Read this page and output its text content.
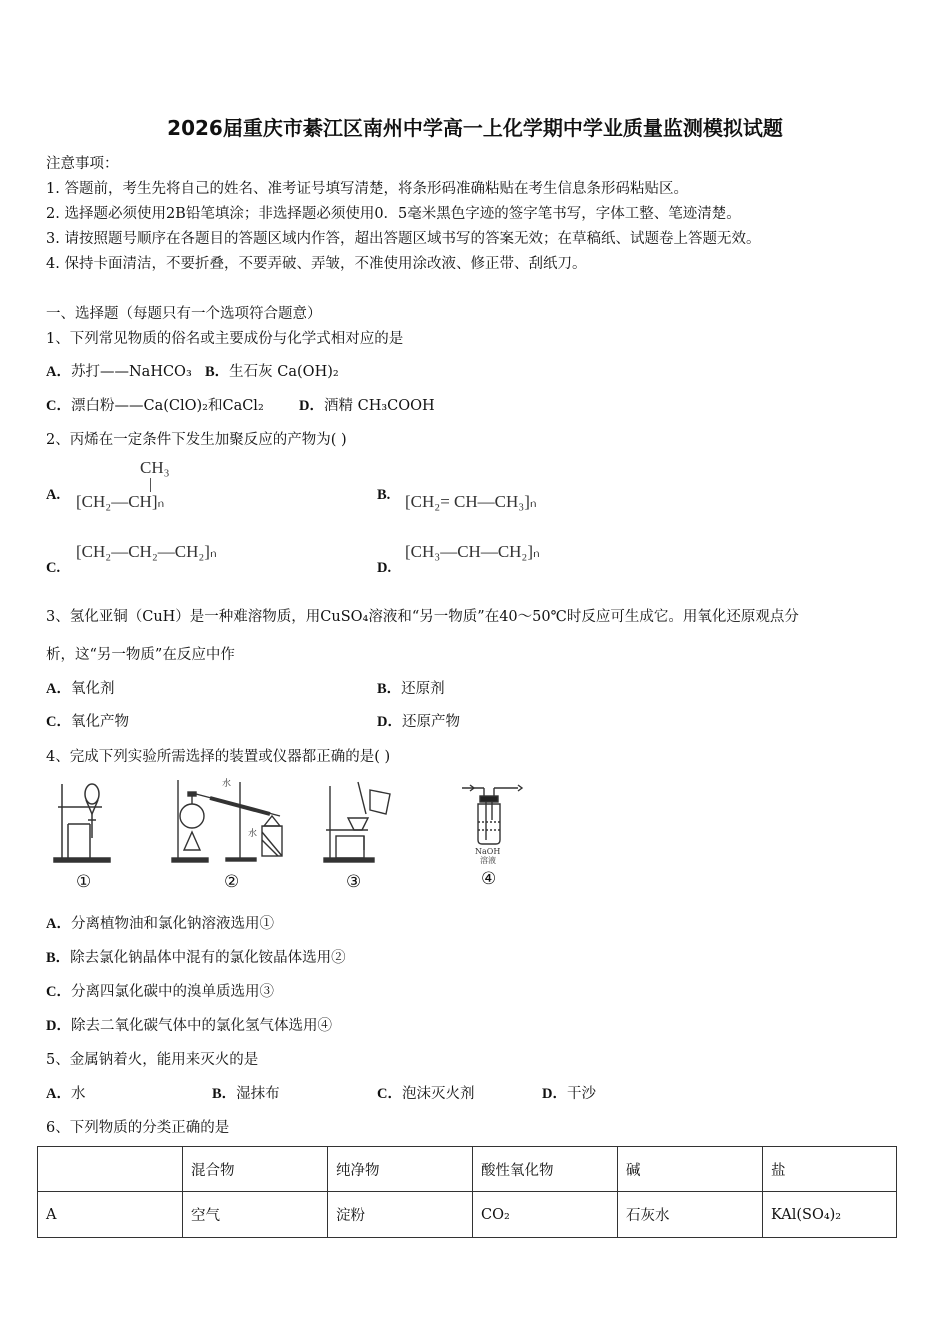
2026届重庆市綦江区南州中学高一上化学期中学业质量监测模拟试题
注意事项：
1. 答题前，考生先将自己的姓名、准考证号填写清楚，将条形码准确粘贴在考生信息条形码粘贴区。
2. 选择题必须使用2B铅笔填涂；非选择题必须使用0．5毫米黑色字迹的签字笔书写，字体工整、笔迹清楚。
3. 请按照题号顺序在各题目的答题区域内作答，超出答题区域书写的答案无效；在草稿纸、试题卷上答题无效。
4. 保持卡面清洁，不要折叠，不要弄破、弄皱，不准使用涂改液、修正带、刮纸刀。
一、选择题（每题只有一个选项符合题意）
1、下列常见物质的俗名或主要成份与化学式相对应的是
A．苏打——NaHCO₃ B．生石灰 Ca(OH)₂
C．漂白粉——Ca(ClO)₂和CaCl₂ D．酒精 CH₃COOH
2、丙烯在一定条件下发生加聚反应的产物为( )
A.
CH₃
[CH₂—CH]ₙ	B. [CH₂= CH—CH₃]ₙ
C.
[CH₂—CH₂—CH₂]ₙ
D.
[CH₃—CH—CH₂]ₙ
3、氢化亚铜（CuH）是一种难溶物质，用CuSO₄溶液和“另一物质”在40～50℃时反应可生成它。用氧化还原观点分
析，这“另一物质”在反应中作
A．氧化剂	B．还原剂
C．氧化产物	D．还原产物
4、完成下列实验所需选择的装置或仪器都正确的是( )
①
水
水
②	③
NaOH
溶液
④
A．分离植物油和氯化钠溶液选用①
B．除去氯化钠晶体中混有的氯化铵晶体选用②
C．分离四氯化碳中的溴单质选用③
D．除去二氧化碳气体中的氯化氢气体选用④
5、金属钠着火，能用来灭火的是
A．水	B．湿抹布	C．泡沫灭火剂	D．干沙
6、下列物质的分类正确的是
	混合物	纯净物	酸性氧化物	碱	盐
A	空气	淀粉	CO₂	石灰水	KAl(SO₄)₂
